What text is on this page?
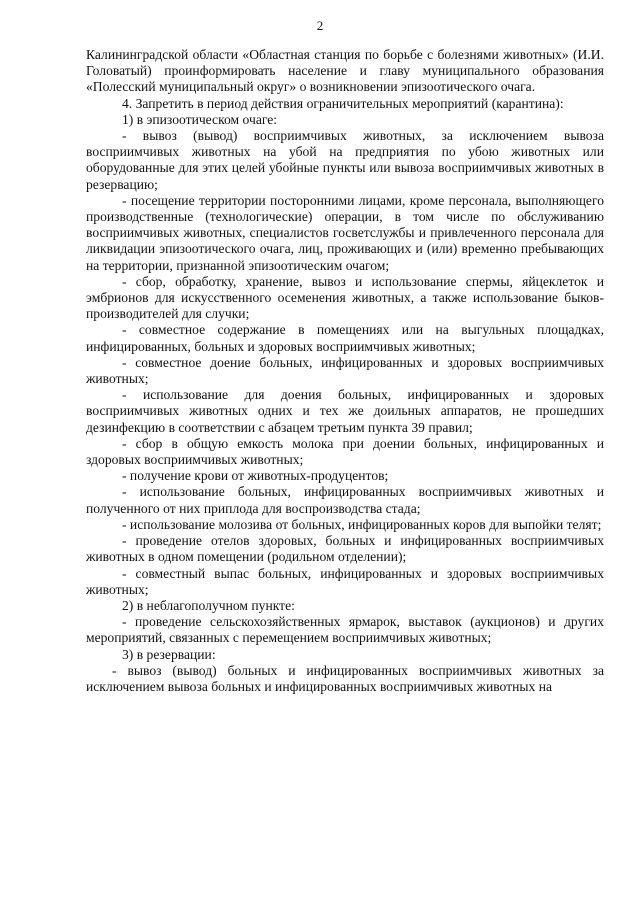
2

Калининградской области «Областная станция по борьбе с болезнями животных» (И.И. Головатый) проинформировать население и главу муниципального образования «Полесский муниципальный округ» о возникновении эпизоотического очага.

4. Запретить в период действия ограничительных мероприятий (карантина):

1) в эпизоотическом очаге:

- вывоз (вывод) восприимчивых животных, за исключением вывоза восприимчивых животных на убой на предприятия по убою животных или оборудованные для этих целей убойные пункты или вывоза восприимчивых животных в резервацию;

- посещение территории посторонними лицами, кроме персонала, выполняющего производственные (технологические) операции, в том числе по обслуживанию восприимчивых животных, специалистов госветслужбы и привлеченного персонала для ликвидации эпизоотического очага, лиц, проживающих и (или) временно пребывающих на территории, признанной эпизоотическим очагом;

- сбор, обработку, хранение, вывоз и использование спермы, яйцеклеток и эмбрионов для искусственного осеменения животных, а также использование быков-производителей для случки;

- совместное содержание в помещениях или на выгульных площадках, инфицированных, больных и здоровых восприимчивых животных;

- совместное доение больных, инфицированных и здоровых восприимчивых животных;

- использование для доения больных, инфицированных и здоровых восприимчивых животных одних и тех же доильных аппаратов, не прошедших дезинфекцию в соответствии с абзацем третьим пункта 39 правил;

- сбор в общую емкость молока при доении больных, инфицированных и здоровых восприимчивых животных;

- получение крови от животных-продуцентов;

- использование больных, инфицированных восприимчивых животных и полученного от них приплода для воспроизводства стада;

- использование молозива от больных, инфицированных коров для выпойки телят;

- проведение отелов здоровых, больных и инфицированных восприимчивых животных в одном помещении (родильном отделении);

- совместный выпас больных, инфицированных и здоровых восприимчивых животных;

2) в неблагополучном пункте:

- проведение сельскохозяйственных ярмарок, выставок (аукционов) и других мероприятий, связанных с перемещением восприимчивых животных;

3) в резервации:

- вывоз (вывод) больных и инфицированных восприимчивых животных за исключением вывоза больных и инфицированных восприимчивых животных на
